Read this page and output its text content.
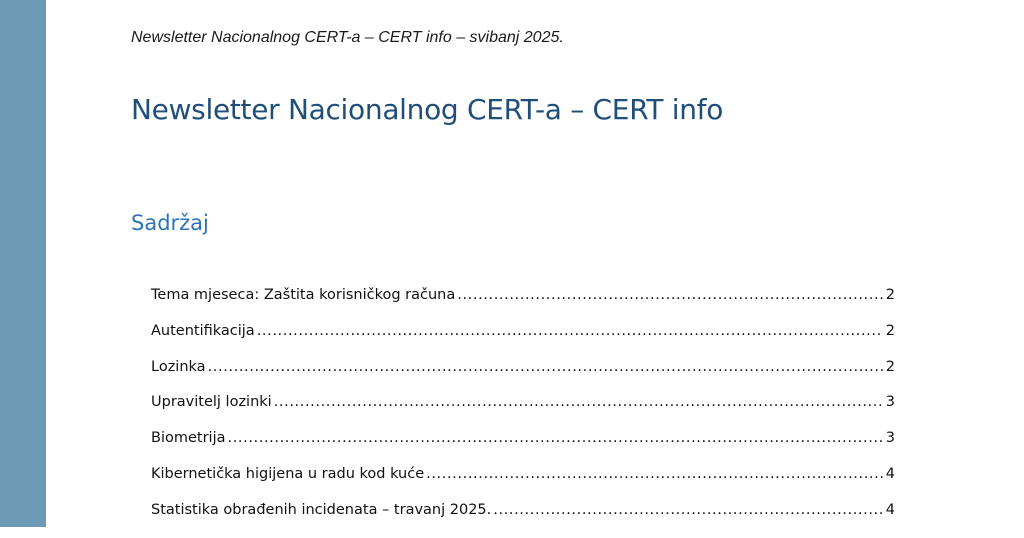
Newsletter Nacionalnog CERT-a – CERT info – svibanj 2025.
Newsletter Nacionalnog CERT-a – CERT info
Sadržaj
Tema mjeseca: Zaštita korisničkog računa .....	2
Autentifikacija .....	2
Lozinka .....	2
Upravitelj lozinki .....	3
Biometrija .....	3
Kibernetička higijena u radu kod kuće .....	4
Statistika obrađenih incidenata – travanj 2025. .....	4
